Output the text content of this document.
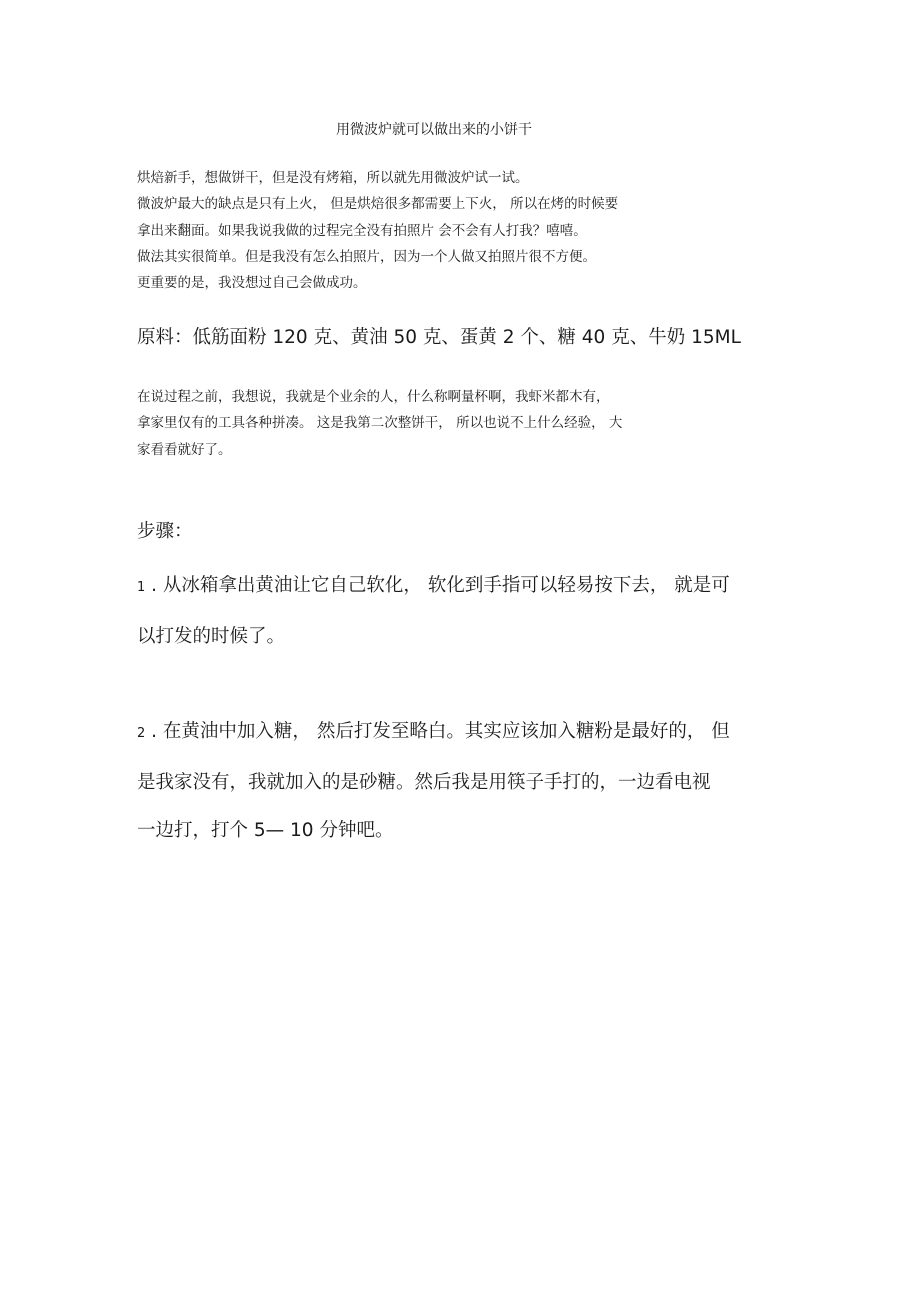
用微波炉就可以做出来的小饼干
烘焙新手，想做饼干，但是没有烤箱，所以就先用微波炉试一试。
微波炉最大的缺点是只有上火， 但是烘焙很多都需要上下火， 所以在烤的时候要
拿出来翻面。如果我说我做的过程完全没有拍照片 会不会有人打我？嘻嘻。
做法其实很简单。但是我没有怎么拍照片，因为一个人做又拍照片很不方便。
更重要的是，我没想过自己会做成功。
原料：低筋面粉 120 克、黄油 50 克、蛋黄 2 个、糖 40 克、牛奶 15ML
在说过程之前，我想说，我就是个业余的人，什么称啊量杯啊，我虾米都木有，
拿家里仅有的工具各种拼凑。 这是我第二次整饼干， 所以也说不上什么经验， 大
家看看就好了。
步骤：
1 . 从冰箱拿出黄油让它自己软化， 软化到手指可以轻易按下去， 就是可
以打发的时候了。
2 . 在黄油中加入糖， 然后打发至略白。其实应该加入糖粉是最好的， 但
是我家没有，我就加入的是砂糖。然后我是用筷子手打的，一边看电视
一边打，打个 5— 10 分钟吧。
